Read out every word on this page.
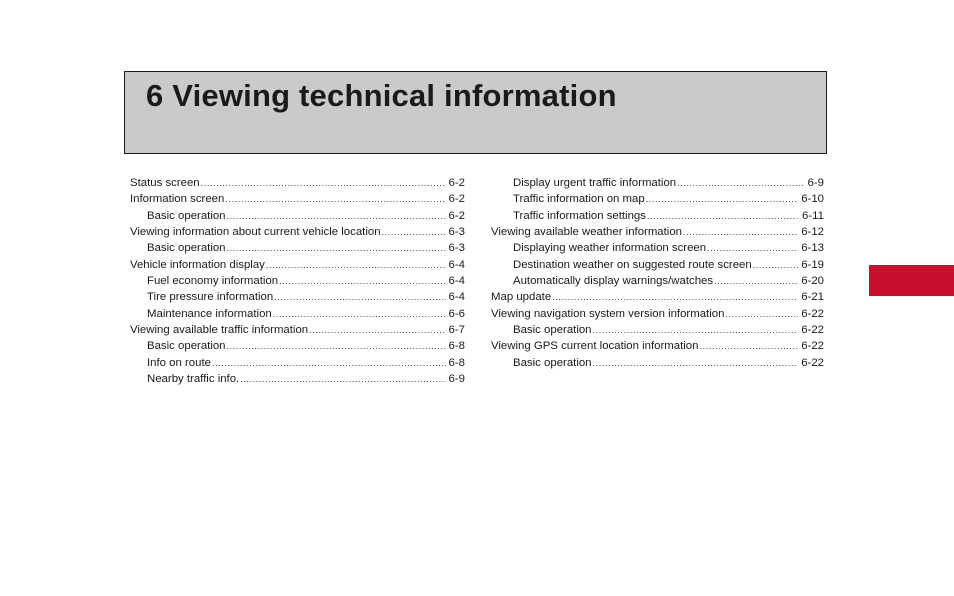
6 Viewing technical information
Status screen .....	6-2
Information screen .....	6-2
Basic operation .....	6-2
Viewing information about current vehicle location .....	6-3
Basic operation .....	6-3
Vehicle information display .....	6-4
Fuel economy information .....	6-4
Tire pressure information .....	6-4
Maintenance information .....	6-6
Viewing available traffic information .....	6-7
Basic operation .....	6-8
Info on route .....	6-8
Nearby traffic info. .....	6-9
Display urgent traffic information .....	6-9
Traffic information on map .....	6-10
Traffic information settings .....	6-11
Viewing available weather information .....	6-12
Displaying weather information screen .....	6-13
Destination weather on suggested route screen .....	6-19
Automatically display warnings/watches .....	6-20
Map update .....	6-21
Viewing navigation system version information .....	6-22
Basic operation .....	6-22
Viewing GPS current location information .....	6-22
Basic operation .....	6-22
